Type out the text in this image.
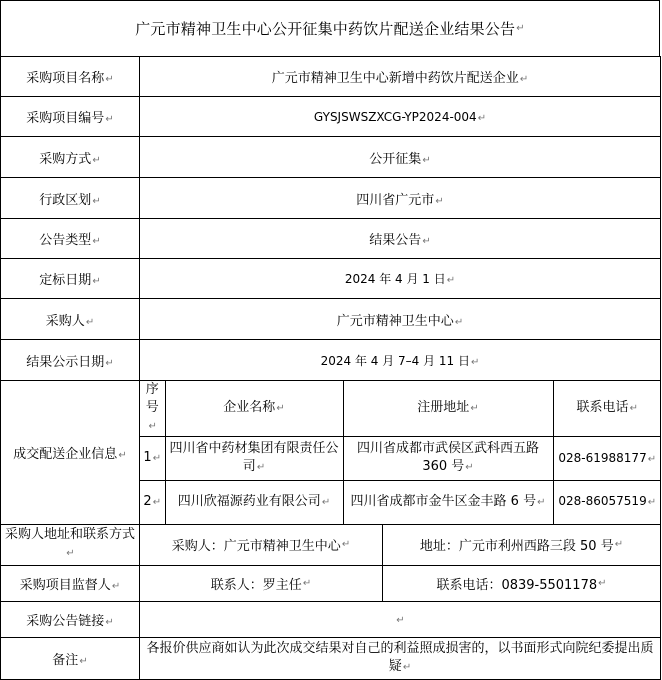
广元市精神卫生中心公开征集中药饮片配送企业结果公告 ↵
采购项目名称↵	广元市精神卫生中心新增中药饮片配送企业↵
采购项目编号↵	GYSJSWSZXCG-YP2024-004↵
采购方式↵	公开征集↵
行政区划↵	四川省广元市↵
公告类型↵	结果公告↵
定标日期↵	2024 年 4 月 1 日↵
采购人↵	广元市精神卫生中心↵
结果公示日期↵	2024 年 4 月 7–4 月 11 日↵
成交配送企业信息↵	
序号↵	企业名称↵	注册地址↵	联系电话↵
1↵	四川省中药材集团有限责任公司↵	四川省成都市武侯区武科西五路 360 号↵	028-61988177↵
2↵	四川欣福源药业有限公司↵	四川省成都市金牛区金丰路 6 号↵	028-86057519↵

采购人地址和联系方式↵	采购人：广元市精神卫生中心 ↵	地址：广元市利州西路三段 50 号 ↵

采购项目监督人↵	联系人：罗主任 ↵	联系电话：0839-5501178 ↵

采购公告链接↵	↵
备注↵	各报价供应商如认为此次成交结果对自己的利益照成损害的，以书面形式向院纪委提出质疑↵
